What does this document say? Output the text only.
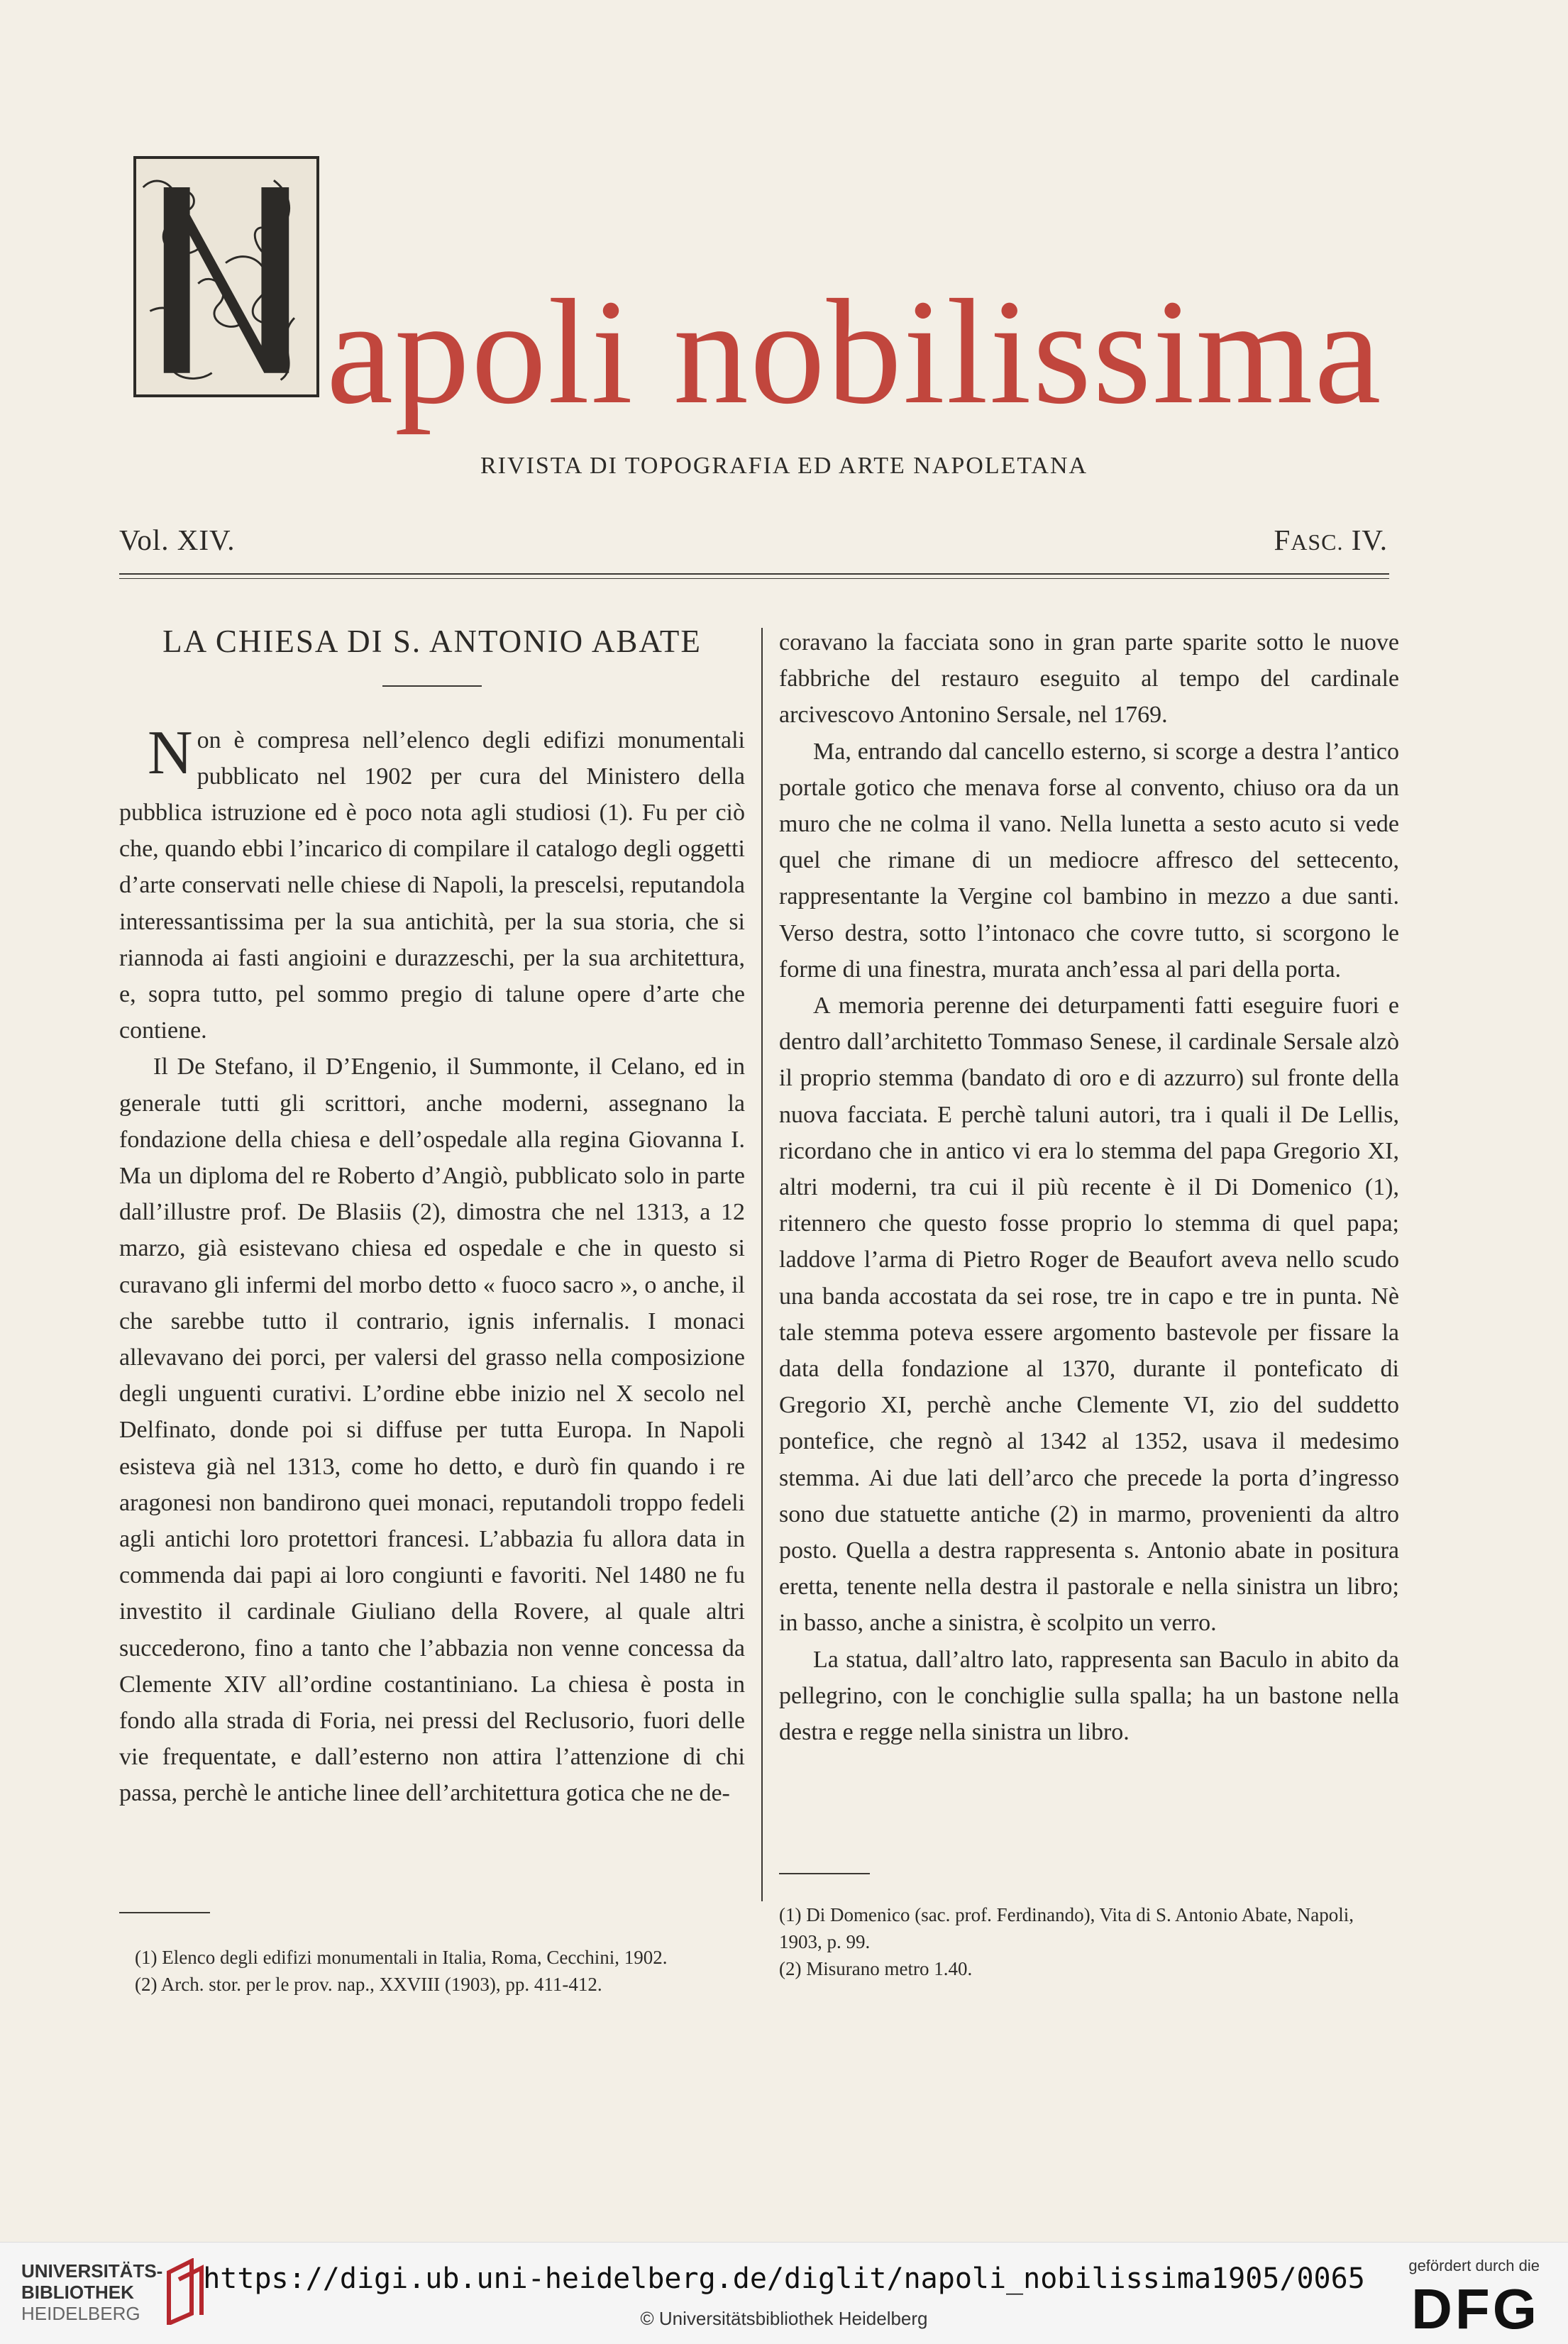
apoli nobilissima
RIVISTA DI TOPOGRAFIA ED ARTE NAPOLETANA
Vol. XIV.	FASC. IV.
LA CHIESA DI S. ANTONIO ABATE

Non è compresa nell’elenco degli edifizi monumentali pubblicato nel 1902 per cura del Ministero della pubblica istruzione ed è poco nota agli studiosi (1). Fu per ciò che, quando ebbi l’incarico di compilare il catalogo degli oggetti d’arte conservati nelle chiese di Napoli, la prescelsi, reputandola interessantissima per la sua antichità, per la sua storia, che si riannoda ai fasti angioini e durazzeschi, per la sua architettura, e, sopra tutto, pel sommo pregio di talune opere d’arte che contiene.

Il De Stefano, il D’Engenio, il Summonte, il Celano, ed in generale tutti gli scrittori, anche moderni, assegnano la fondazione della chiesa e dell’ospedale alla regina Giovanna I. Ma un diploma del re Roberto d’Angiò, pubblicato solo in parte dall’illustre prof. De Blasiis (2), dimostra che nel 1313, a 12 marzo, già esistevano chiesa ed ospedale e che in questo si curavano gli infermi del morbo detto « fuoco sacro », o anche, il che sarebbe tutto il contrario, ignis infernalis. I monaci allevavano dei porci, per valersi del grasso nella composizione degli unguenti curativi. L’ordine ebbe inizio nel X secolo nel Delfinato, donde poi si diffuse per tutta Europa. In Napoli esisteva già nel 1313, come ho detto, e durò fin quando i re aragonesi non bandirono quei monaci, reputandoli troppo fedeli agli antichi loro protettori francesi. L’abbazia fu allora data in commenda dai papi ai loro congiunti e favoriti. Nel 1480 ne fu investito il cardinale Giuliano della Rovere, al quale altri succederono, fino a tanto che l’abbazia non venne concessa da Clemente XIV all’ordine costantiniano. La chiesa è posta in fondo alla strada di Foria, nei pressi del Reclusorio, fuori delle vie frequentate, e dall’esterno non attira l’attenzione di chi passa, perchè le antiche linee dell’architettura gotica che ne de-

coravano la facciata sono in gran parte sparite sotto le nuove fabbriche del restauro eseguito al tempo del cardinale arcivescovo Antonino Sersale, nel 1769.

Ma, entrando dal cancello esterno, si scorge a destra l’antico portale gotico che menava forse al convento, chiuso ora da un muro che ne colma il vano. Nella lunetta a sesto acuto si vede quel che rimane di un mediocre affresco del settecento, rappresentante la Vergine col bambino in mezzo a due santi. Verso destra, sotto l’intonaco che covre tutto, si scorgono le forme di una finestra, murata anch’essa al pari della porta.

A memoria perenne dei deturpamenti fatti eseguire fuori e dentro dall’architetto Tommaso Senese, il cardinale Sersale alzò il proprio stemma (bandato di oro e di azzurro) sul fronte della nuova facciata. E perchè taluni autori, tra i quali il De Lellis, ricordano che in antico vi era lo stemma del papa Gregorio XI, altri moderni, tra cui il più recente è il Di Domenico (1), ritennero che questo fosse proprio lo stemma di quel papa; laddove l’arma di Pietro Roger de Beaufort aveva nello scudo una banda accostata da sei rose, tre in capo e tre in punta. Nè tale stemma poteva essere argomento bastevole per fissare la data della fondazione al 1370, durante il ponteficato di Gregorio XI, perchè anche Clemente VI, zio del suddetto pontefice, che regnò al 1342 al 1352, usava il medesimo stemma. Ai due lati dell’arco che precede la porta d’ingresso sono due statuette antiche (2) in marmo, provenienti da altro posto. Quella a destra rappresenta s. Antonio abate in positura eretta, tenente nella destra il pastorale e nella sinistra un libro; in basso, anche a sinistra, è scolpito un verro.

La statua, dall’altro lato, rappresenta san Baculo in abito da pellegrino, con le conchiglie sulla spalla; ha un bastone nella destra e regge nella sinistra un libro.

(1) Elenco degli edifizi monumentali in Italia, Roma, Cecchini, 1902.

(2) Arch. stor. per le prov. nap., XXVIII (1903), pp. 411-412.

(1) Di Domenico (sac. prof. Ferdinando), Vita di S. Antonio Abate, Napoli, 1903, p. 99.

(2) Misurano metro 1.40.

UNIVERSITÄTS-
BIBLIOTHEK
HEIDELBERG
https://digi.ub.uni-heidelberg.de/diglit/napoli_nobilissima1905/0065
© Universitätsbibliothek Heidelberg
gefördert durch die
DFG
